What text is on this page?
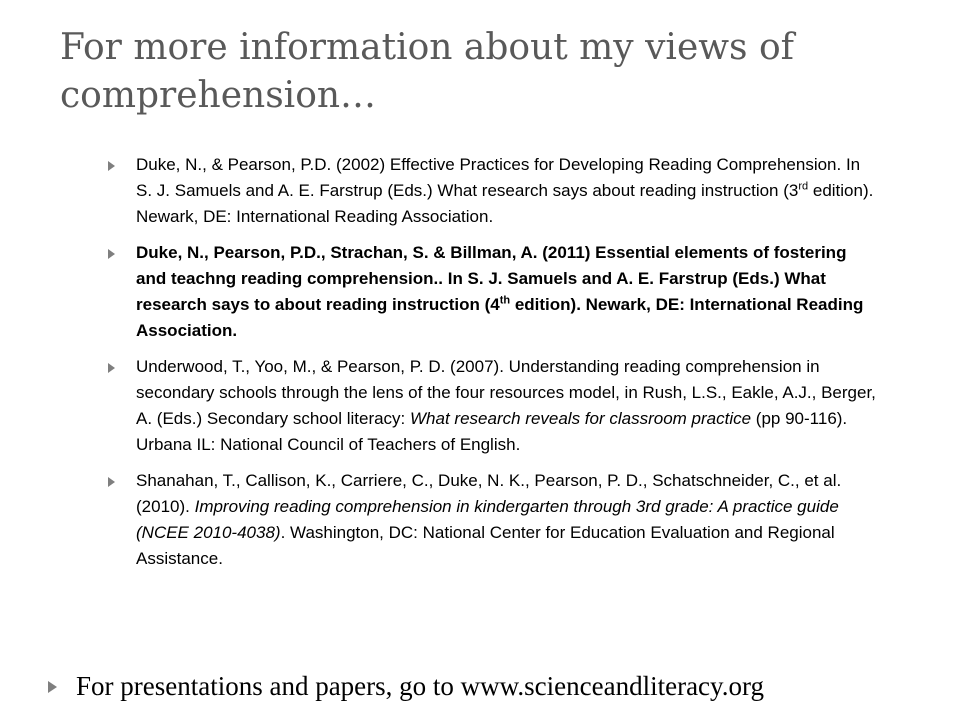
For more information about my views of comprehension…
Duke, N., & Pearson, P.D. (2002) Effective Practices for Developing Reading Comprehension. In S. J. Samuels and A. E. Farstrup (Eds.) What research says about reading instruction (3rd edition). Newark, DE: International Reading Association.
Duke, N., Pearson, P.D., Strachan, S. & Billman, A. (2011) Essential elements of fostering and teachng reading comprehension.. In S. J. Samuels and A. E. Farstrup (Eds.) What research says to about reading instruction (4th edition). Newark, DE: International Reading Association.
Underwood, T., Yoo, M., & Pearson, P. D. (2007). Understanding reading comprehension in secondary schools through the lens of the four resources model, in Rush, L.S., Eakle, A.J., Berger, A. (Eds.) Secondary school literacy: What research reveals for classroom practice (pp 90-116). Urbana IL: National Council of Teachers of English.
Shanahan, T., Callison, K., Carriere, C., Duke, N. K., Pearson, P. D., Schatschneider, C., et al. (2010). Improving reading comprehension in kindergarten through 3rd grade: A practice guide (NCEE 2010-4038). Washington, DC: National Center for Education Evaluation and Regional Assistance.
For presentations and papers, go to www.scienceandliteracy.org
